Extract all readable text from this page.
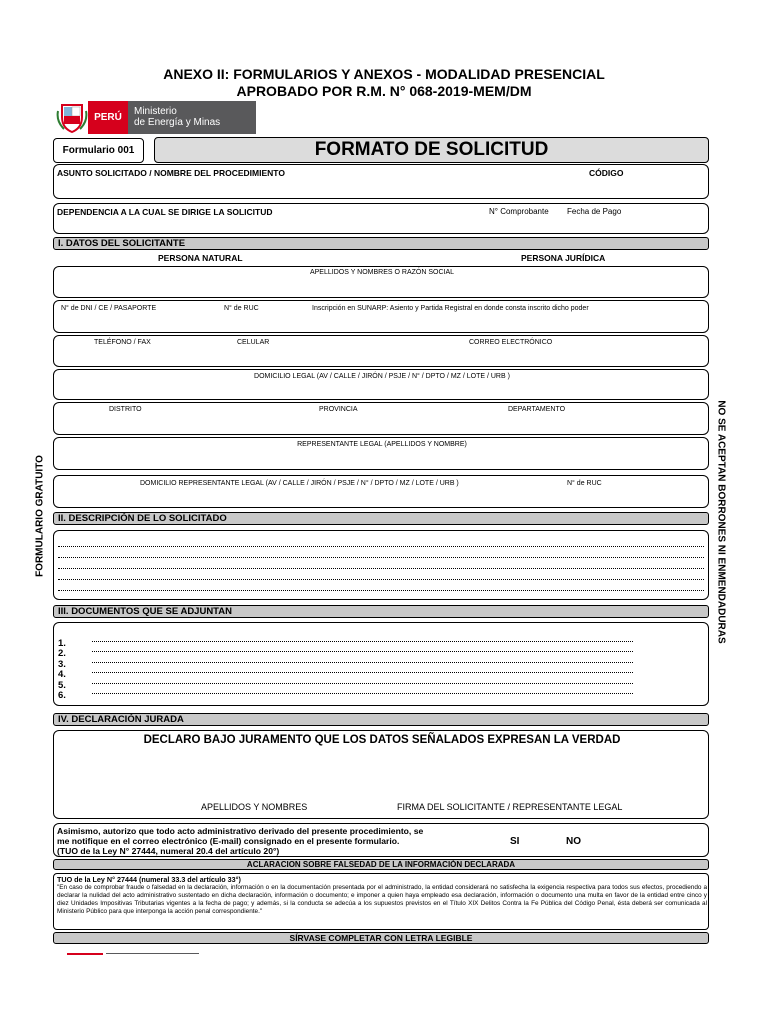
ANEXO II: FORMULARIOS Y ANEXOS - MODALIDAD PRESENCIAL
APROBADO POR R.M. N° 068-2019-MEM/DM
PERÚ
Ministerio
de Energía y Minas
Formulario 001	FORMATO DE SOLICITUD
ASUNTO SOLICITADO / NOMBRE DEL PROCEDIMIENTO	CÓDIGO
DEPENDENCIA A LA CUAL SE DIRIGE LA SOLICITUD	N° Comprobante Fecha de Pago
I. DATOS DEL SOLICITANTE
PERSONA NATURAL	PERSONA JURÍDICA
APELLIDOS Y NOMBRES O RAZÓN SOCIAL
N° de DNI / CE / PASAPORTE	N° de RUC	Inscripción en SUNARP: Asiento y Partida Registral en donde consta inscrito dicho poder
TELÉFONO / FAX	CELULAR	CORREO ELECTRÓNICO
DOMICILIO LEGAL (AV / CALLE / JIRÓN / PSJE / N° / DPTO / MZ / LOTE / URB )
DISTRITO	PROVINCIA	DEPARTAMENTO
REPRESENTANTE LEGAL (APELLIDOS Y NOMBRE)
DOMICILIO REPRESENTANTE LEGAL (AV / CALLE / JIRÓN / PSJE / N° / DPTO / MZ / LOTE / URB )	N° de RUC
II. DESCRIPCIÓN DE LO SOLICITADO
III. DOCUMENTOS QUE SE ADJUNTAN
1.
2.
3.
4.
5.
6.
IV. DECLARACIÓN JURADA
DECLARO BAJO JURAMENTO QUE LOS DATOS SEÑALADOS EXPRESAN LA VERDAD
APELLIDOS Y NOMBRES	FIRMA DEL SOLICITANTE / REPRESENTANTE LEGAL
Asimismo, autorizo que todo acto administrativo derivado del presente procedimiento, se
me notifique en el correo electrónico (E-mail) consignado en el presente formulario.
(TUO de la Ley N° 27444, numeral 20.4 del artículo 20°)
SI	NO
ACLARACION SOBRE FALSEDAD DE LA INFORMACIÓN DECLARADA
TUO de la Ley N° 27444 (numeral 33.3 del artículo 33°)
"En caso de comprobar fraude o falsedad en la declaración, información o en la documentación presentada por el administrado, la entidad considerará no satisfecha la exigencia respectiva para todos sus efectos, procediendo a declarar la nulidad del acto administrativo sustentado en dicha declaración, información o documento; e imponer a quien haya empleado esa declaración, información o documento una multa en favor de la entidad entre cinco y diez Unidades Impositivas Tributarias vigentes a la fecha de pago; y además, si la conducta se adecúa a los supuestos previstos en el Título XIX Delitos Contra la Fe Pública del Código Penal, ésta deberá ser comunicada al Ministerio Público para que interponga la acción penal correspondiente."
SÍRVASE COMPLETAR CON LETRA LEGIBLE
FORMULARIO GRATUITO	NO SE ACEPTAN BORRONES NI ENMENDADURAS
